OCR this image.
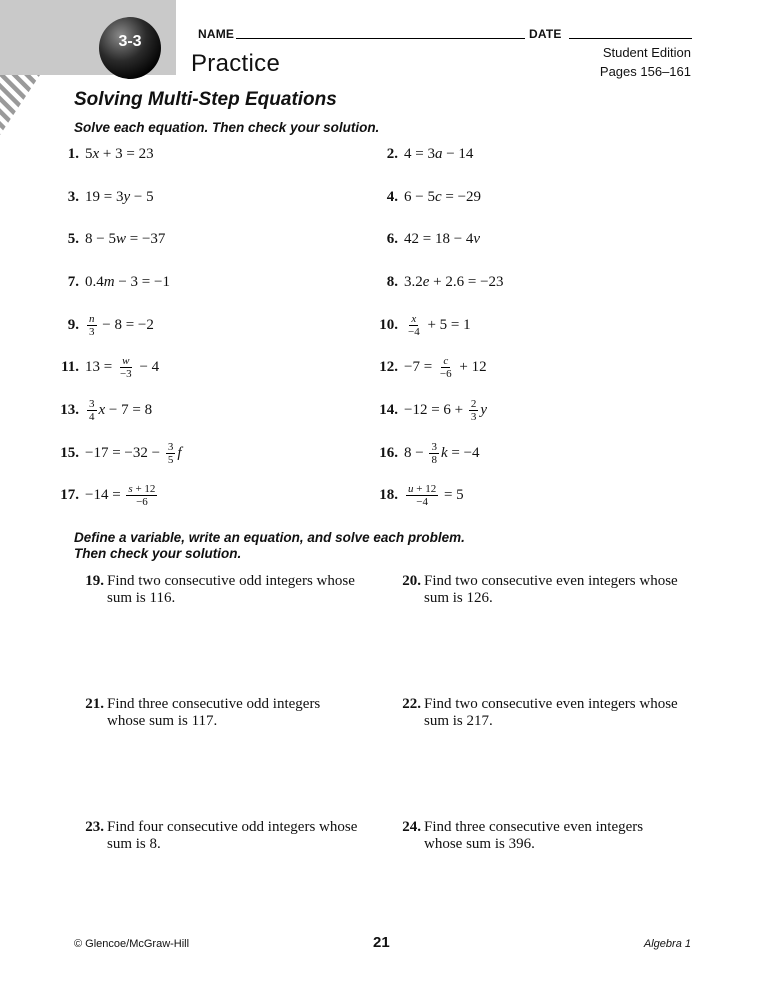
3-3	NAME	DATE
Practice	Student Edition
Pages 156–161
Solving Multi-Step Equations
Solve each equation. Then check your solution.
1. 5 x + 3 = 23	2. 4 = 3 a − 14
3. 19 = 3 y − 5	4. 6 − 5 c = −29
5. 8 − 5 w = −37	6. 42 = 18 − 4 v
7. 0.4 m − 3 = −1	8. 3.2 e + 2.6 = −23
9. $\frac{n}{3} - 8 = -2$	10. $\frac{x}{-4} + 5 = 1$
11. $13 = \frac{w}{-3} - 4$	12. $-7 = \frac{c}{-6} + 12$
13. $\frac{3}{4}$ x − 7 = 8	14. $-12 = 6 + \frac{2}{3}$ y
15. $-17 = -32 - \frac{3}{5}$ f	16. $8 - \frac{3}{8}$ k = −4
17. $-14 = \frac{s + 12}{-6}$	18. $\frac{u + 12}{-4} = 5$
Define a variable, write an equation, and solve each problem.
Then check your solution.
19. Find two consecutive odd integers whose sum is 116.
20. Find two consecutive even integers whose sum is 126.
21. Find three consecutive odd integers whose sum is 117.
22. Find two consecutive even integers whose sum is 217.
23. Find four consecutive odd integers whose sum is 8.
24. Find three consecutive even integers whose sum is 396.
© Glencoe/McGraw-Hill	21	Algebra 1
